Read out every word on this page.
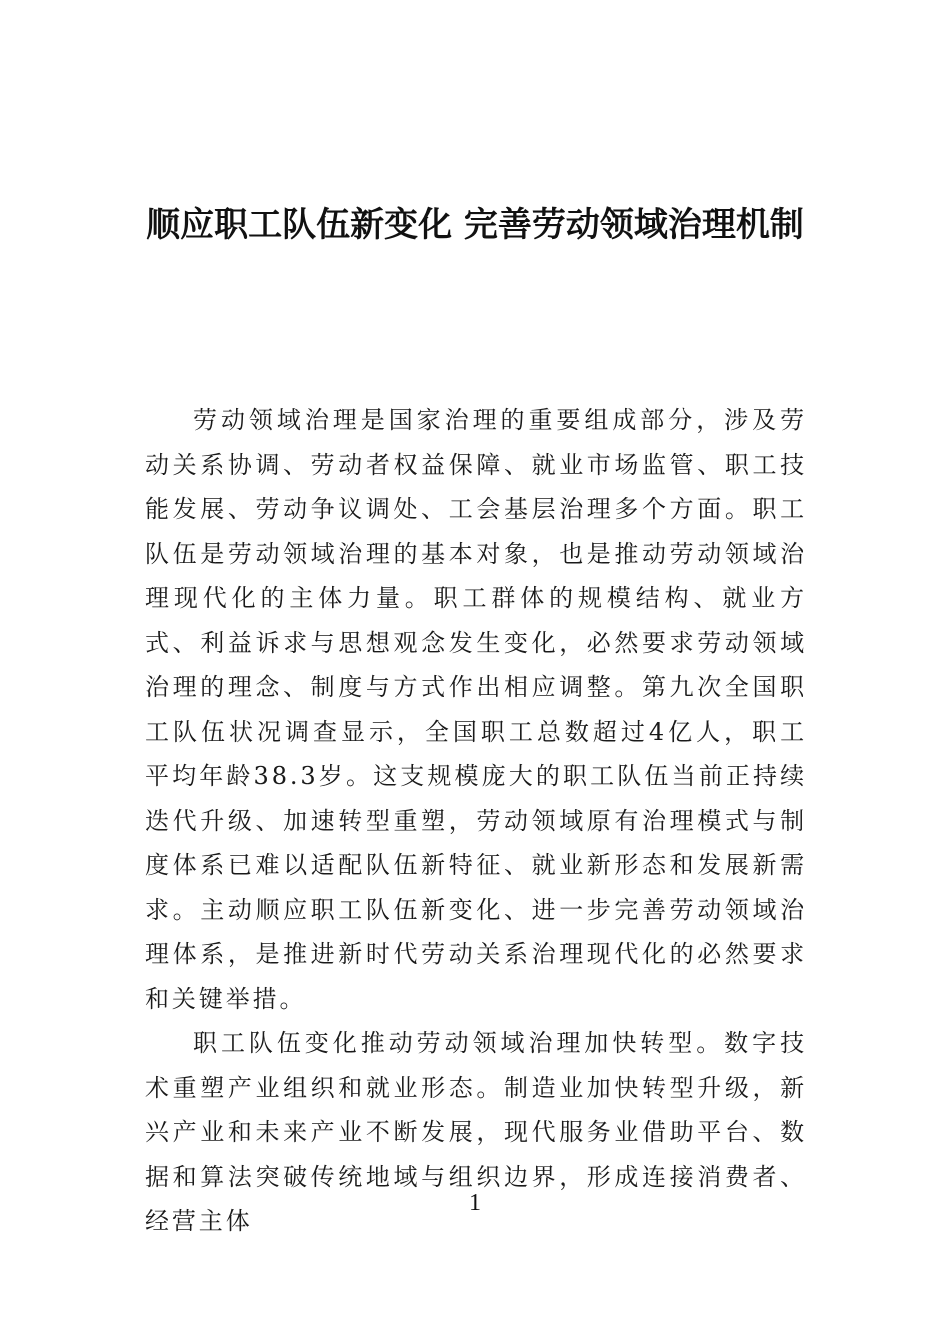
顺应职工队伍新变化 完善劳动领域治理机制

劳动领域治理是国家治理的重要组成部分，涉及劳动关系协调、劳动者权益保障、就业市场监管、职工技能发展、劳动争议调处、工会基层治理多个方面。职工队伍是劳动领域治理的基本对象，也是推动劳动领域治理现代化的主体力量。职工群体的规模结构、就业方式、利益诉求与思想观念发生变化，必然要求劳动领域治理的理念、制度与方式作出相应调整。第九次全国职工队伍状况调查显示，全国职工总数超过4亿人，职工平均年龄38.3岁。这支规模庞大的职工队伍当前正持续迭代升级、加速转型重塑，劳动领域原有治理模式与制度体系已难以适配队伍新特征、就业新形态和发展新需求。主动顺应职工队伍新变化、进一步完善劳动领域治理体系，是推进新时代劳动关系治理现代化的必然要求和关键举措。

职工队伍变化推动劳动领域治理加快转型。数字技术重塑产业组织和就业形态。制造业加快转型升级，新兴产业和未来产业不断发展，现代服务业借助平台、数据和算法突破传统地域与组织边界，形成连接消费者、经营主体

1
